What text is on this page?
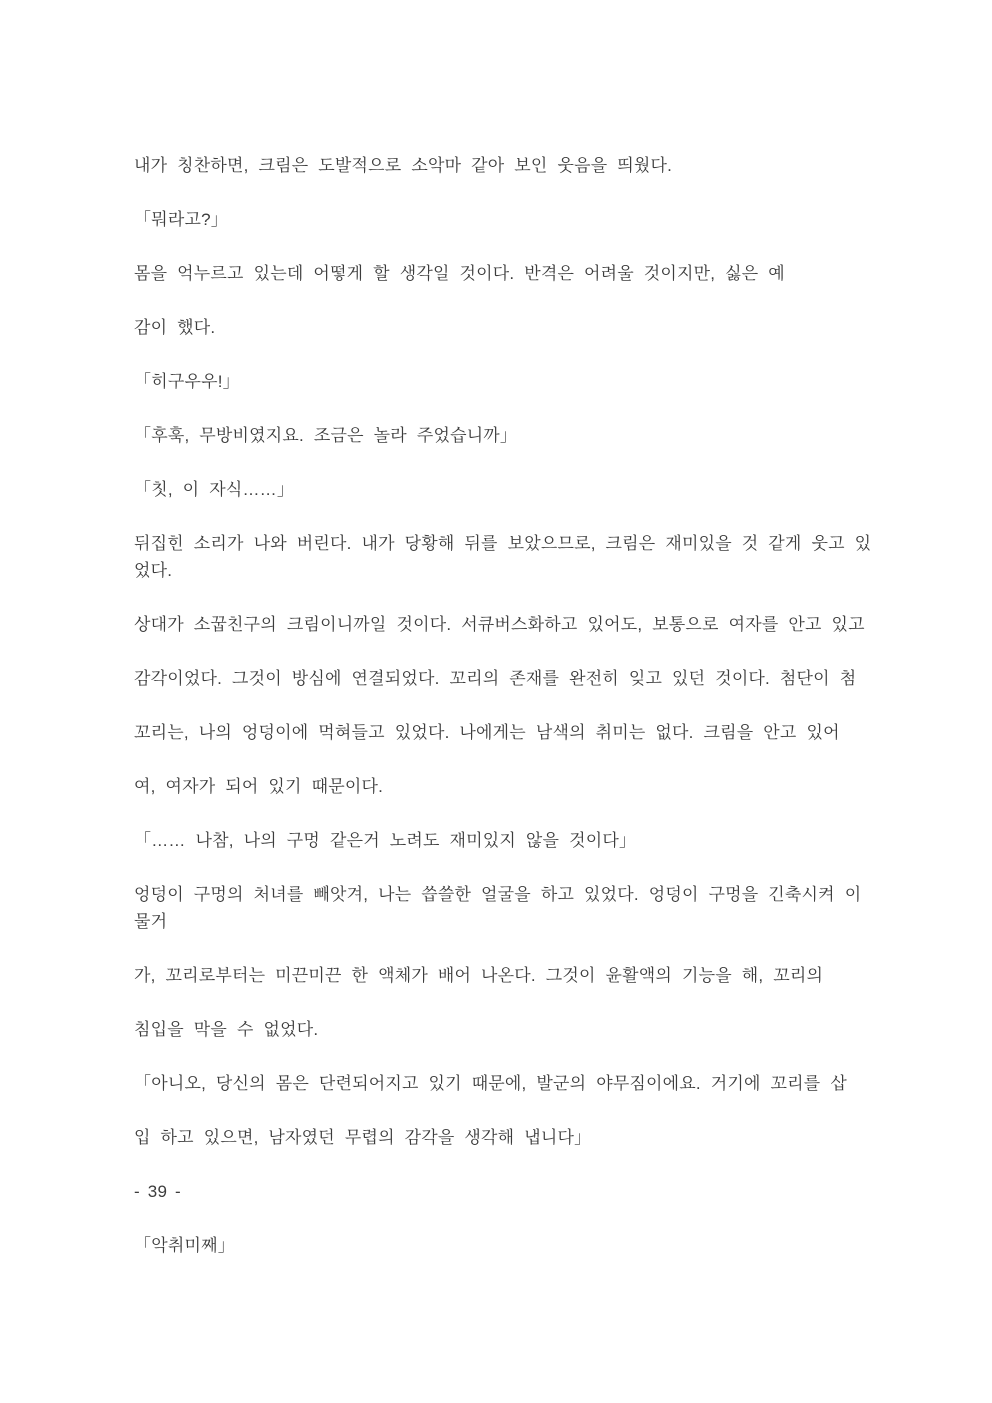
내가 칭찬하면, 크림은 도발적으로 소악마 같아 보인 웃음을 띄웠다.
「뭐라고?」
몸을 억누르고 있는데 어떻게 할 생각일 것이다. 반격은 어려울 것이지만, 싫은 예
감이 했다.
「히구우우!」
「후훅, 무방비였지요. 조금은 놀라 주었습니까」
「칫, 이 자식……」
뒤집힌 소리가 나와 버린다. 내가 당황해 뒤를 보았으므로, 크림은 재미있을 것 같게 웃고 있
었다.
상대가 소꿉친구의 크림이니까일 것이다. 서큐버스화하고 있어도, 보통으로 여자를 안고 있고
감각이었다. 그것이 방심에 연결되었다. 꼬리의 존재를 완전히 잊고 있던 것이다. 첨단이 첨
꼬리는, 나의 엉덩이에 먹혀들고 있었다. 나에게는 남색의 취미는 없다. 크림을 안고 있어
여, 여자가 되어 있기 때문이다.
「…… 나참, 나의 구멍 같은거 노려도 재미있지 않을 것이다」
엉덩이 구멍의 처녀를 빼앗겨, 나는 씁쓸한 얼굴을 하고 있었다. 엉덩이 구멍을 긴축시켜 이
물거
가, 꼬리로부터는 미끈미끈 한 액체가 배어 나온다. 그것이 윤활액의 기능을 해, 꼬리의
침입을 막을 수 없었다.
「아니오, 당신의 몸은 단련되어지고 있기 때문에, 발군의 야무짐이에요. 거기에 꼬리를 삽
입 하고 있으면, 남자였던 무렵의 감각을 생각해 냅니다」
- 39 -
「악취미째」
